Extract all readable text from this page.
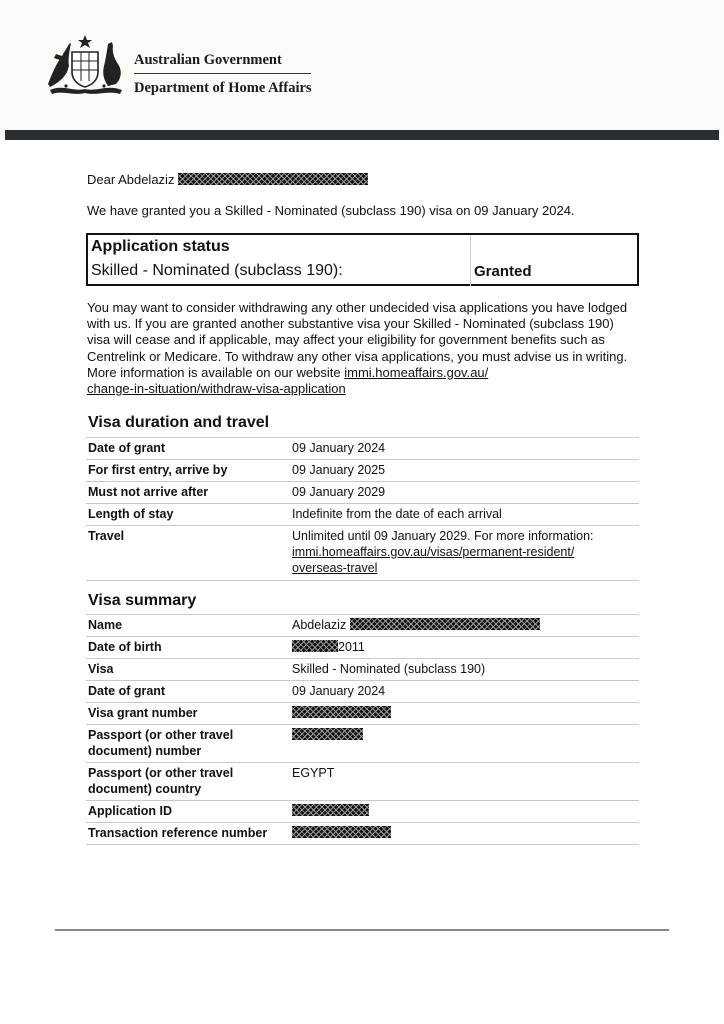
Australian Government
Department of Home Affairs
Dear Abdelaziz
We have granted you a Skilled - Nominated (subclass 190) visa on 09 January 2024.
Application status
Skilled - Nominated (subclass 190):	Granted
You may want to consider withdrawing any other undecided visa applications you have lodged with us. If you are granted another substantive visa your Skilled - Nominated (subclass 190) visa will cease and if applicable, may affect your eligibility for government benefits such as Centrelink or Medicare. To withdraw any other visa applications, you must advise us in writing. More information is available on our website immi.homeaffairs.gov.au/
change-in-situation/withdraw-visa-application
Visa duration and travel
Date of grant	09 January 2024
For first entry, arrive by	09 January 2025
Must not arrive after	09 January 2029
Length of stay	Indefinite from the date of each arrival
Travel	Unlimited until 09 January 2029. For more information:
immi.homeaffairs.gov.au/visas/permanent-resident/
overseas-travel
Visa summary
Name	Abdelaziz
Date of birth	2011
Visa	Skilled - Nominated (subclass 190)
Date of grant	09 January 2024
Visa grant number	
Passport (or other travel document) number	
Passport (or other travel document) country	EGYPT
Application ID	
Transaction reference number	
